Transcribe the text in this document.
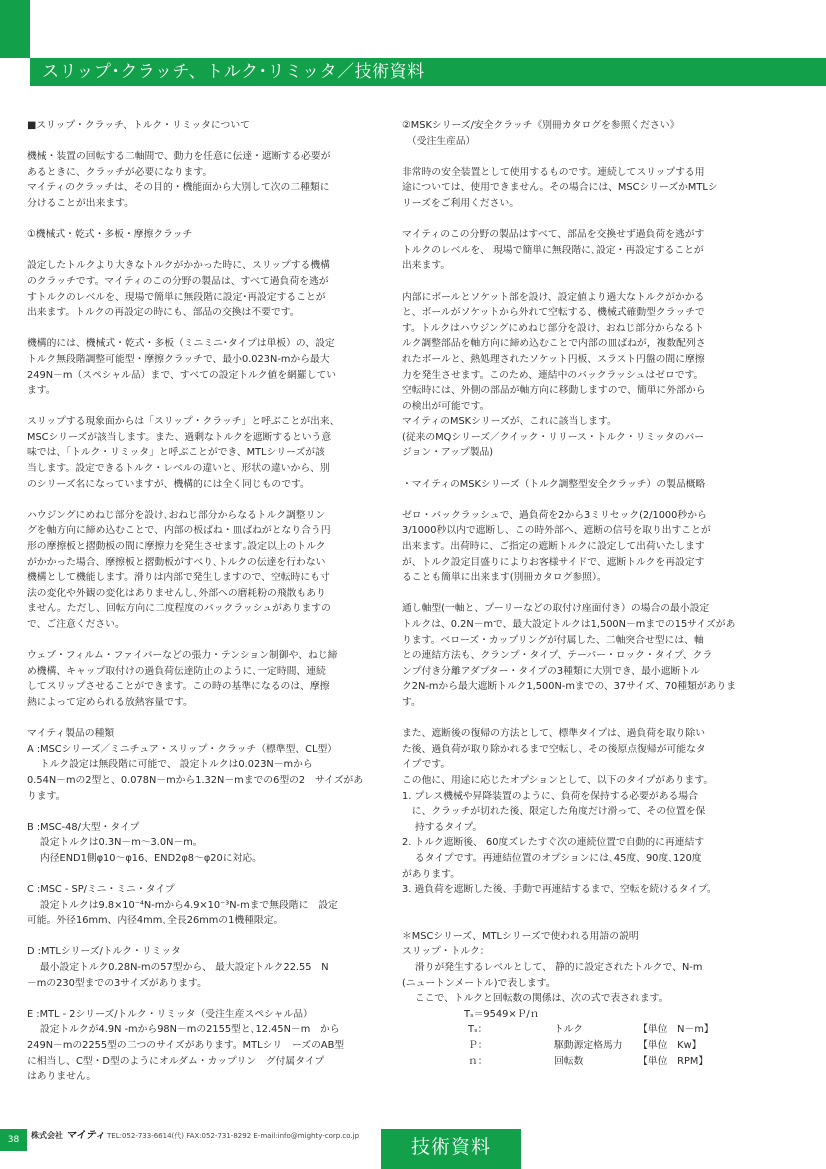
スリップ･クラッチ、トルク･リミッタ／技術資料

■スリップ・クラッチ、トルク・リミッタについて

機械・装置の回転する二軸間で、動力を任意に伝達・遮断する必要が

あるときに、クラッチが必要になります。

マイティのクラッチは、その目的・機能面から大別して次の二種類に

分けることが出来ます。

①機械式・乾式・多板・摩擦クラッチ

設定したトルクより大きなトルクがかかった時に、スリップする機構

のクラッチです。マイティのこの分野の製品は、すべて過負荷を逃が

すトルクのレベルを、現場で簡単に無段階に設定･再設定することが

出来ます。トルクの再設定の時にも、部品の交換は不要です。

機構的には、機械式・乾式・多板（ミニミニ･タイプは単板）の、設定

トルク無段階調整可能型・摩擦クラッチで、最小0.023N-mから最大

249N－m（スペシャル品）まで、すべての設定トルク値を網羅してい

ます。

スリップする現象面からは「スリップ・クラッチ」と呼ぶことが出来、

MSCシリーズが該当します。また、過剰なトルクを遮断するという意

味では、「トルク・リミッタ」と呼ぶことができ、MTLシリーズが該

当します。設定できるトルク・レベルの違いと、形状の違いから、別

のシリーズ名になっていますが、機構的には全く同じものです。

ハウジングにめねじ部分を設け､おねじ部分からなるトルク調整リン

グを軸方向に締め込むことで、内部の板ばね・皿ばねがとなり合う円

形の摩擦板と摺動板の間に摩擦力を発生させます｡設定以上のトルク

がかかった場合、摩擦板と摺動板がすべり､トルクの伝達を行わない

機構として機能します。滑りは内部で発生しますので、空転時にも寸

法の変化や外観の変化はありませんし､外部への磨耗粉の飛散もあり

ません。ただし、回転方向に二度程度のバックラッシュがありますの

で、ご注意ください。

ウェブ・フィルム・ファイバーなどの張力・テンション制御や、ねじ締

め機構、キャップ取付けの過負荷伝達防止のように､一定時間、連続

してスリップさせることができます。この時の基準になるのは、摩擦

熱によって定められる放熱容量です。

マイティ製品の種類

A :MSCシリーズ／ミニチュア・スリップ・クラッチ（標準型、CL型）

　 トルク設定は無段階に可能で、 設定トルクは0.023N－mから

0.54N－mの2型と、0.078N－mから1.32N－mまでの6型の2　サイズがあ

ります。

B :MSC-48/大型・タイプ

　 設定トルクは0.3N－m～3.0N－m。

　 内径END1側φ10～φ16、END2φ8～φ20に対応。

C :MSC - SP/ミニ・ミニ・タイプ

　 設定トルクは9.8×10⁻⁴N-mから4.9×10⁻³N-mまで無段階に　設定

可能。外径16mm、内径4mm､全長26mmの1機種限定。

D :MTLシリーズ/トルク・リミッタ

　 最小設定トルク0.28N-mの57型から、 最大設定トルク22.55　N

－mの230型までの3サイズがあります。

E :MTL - 2シリーズ/トルク・リミッタ（受注生産スペシャル品）

　 設定トルクが4.9N -mから98N－mの2155型と､12.45N－m　から

249N－mの2255型の二つのサイズがあります。MTLシリ　ーズのAB型

に相当し、C型・D型のようにオルダム・カップリン　グ付属タイプ

はありません。

②MSKシリーズ/安全クラッチ《別冊カタログを参照ください》

　（受注生産品）

非常時の安全装置として使用するものです。連続してスリップする用

途については、使用できません。その場合には、MSCシリーズかMTLシ

リーズをご利用ください。

マイティのこの分野の製品はすべて、部品を交換せず過負荷を逃がす

トルクのレベルを、 現場で簡単に無段階に､設定・再設定することが

出来ます。

内部にボールとソケット部を設け、設定値より過大なトルクがかかる

と、ボールがソケットから外れて空転する、機械式確動型クラッチで

す。トルクはハウジングにめねじ部分を設け、おねじ部分からなるト

ルク調整部品を軸方向に締め込むことで内部の皿ばねが，複数配列さ

れたボールと、熱処理されたソケット円板、スラスト円盤の間に摩擦

力を発生させます。このため、連結中のバックラッシュはゼロです。

空転時には、外側の部品が軸方向に移動しますので、簡単に外部から

の検出が可能です。

マイティのMSKシリーズが、これに該当します。

(従来のMQシリーズ／クイック・リリース・トルク・リミッタのバー

ジョン・アップ製品)

・マイティのMSKシリーズ（トルク調整型安全クラッチ）の製品概略

ゼロ・バックラッシュで、過負荷を2から3ミリセック(2/1000秒から

3/1000秒以内で遮断し、この時外部へ、遮断の信号を取り出すことが

出来ます。出荷時に、ご指定の遮断トルクに設定して出荷いたします

が、トルク設定目盛りによりお客様サイドで、遮断トルクを再設定す

ることも簡単に出来ます(別冊カタログ参照）。

通し軸型(一軸と、プーリーなどの取付け座面付き）の場合の最小設定

トルクは、0.2N－mで、最大設定トルクは1,500N－mまでの15サイズがあ

ります。ベローズ・カップリングが付属した、二軸突合せ型には、軸

との連結方法も、クランプ・タイプ、テーパー・ロック・タイプ、クラ

ンプ付き分離アダプター・タイプの3種類に大別でき、最小遮断トル

ク2N-mから最大遮断トルク1,500N-mまでの、37サイズ、70種類がありま

す。

また、遮断後の復帰の方法として、標準タイプは、過負荷を取り除い

た後、過負荷が取り除かれるまで空転し、その後原点復帰が可能なタ

イプです。

この他に、用途に応じたオプションとして、以下のタイプがあります。

1. プレス機械や昇降装置のように、負荷を保持する必要がある場合

　に、クラッチが切れた後、限定した角度だけ滑って、その位置を保

　 持するタイプ。

2. トルク遮断後、 60度ズレたすぐ次の連続位置で自動的に再連結す

　 るタイプです。再連結位置のオプションには､45度、90度､120度

があります。

3. 過負荷を遮断した後、手動で再連結するまで、空転を続けるタイプ。

＊MSCシリーズ、MTLシリーズで使われる用語の説明

スリップ・トルク：

　 滑りが発生するレベルとして、 静的に設定されたトルクで、N-m

(ニュートンメートル)で表します。

　 ここで、トルクと回転数の関係は、次の式で表されます。

Tₛ＝9549×Ｐ/ｎ

Tₛ：	トルク	【単位　N－m】
Ｐ：	駆動源定格馬力	【単位　Kw】
ｎ：	回転数	【単位　RPM】
38	株式会社 マイティ TEL:052-733-6614(代) FAX:052-731-8292 E-mail:info@mighty-corp.co.jp	技術資料
